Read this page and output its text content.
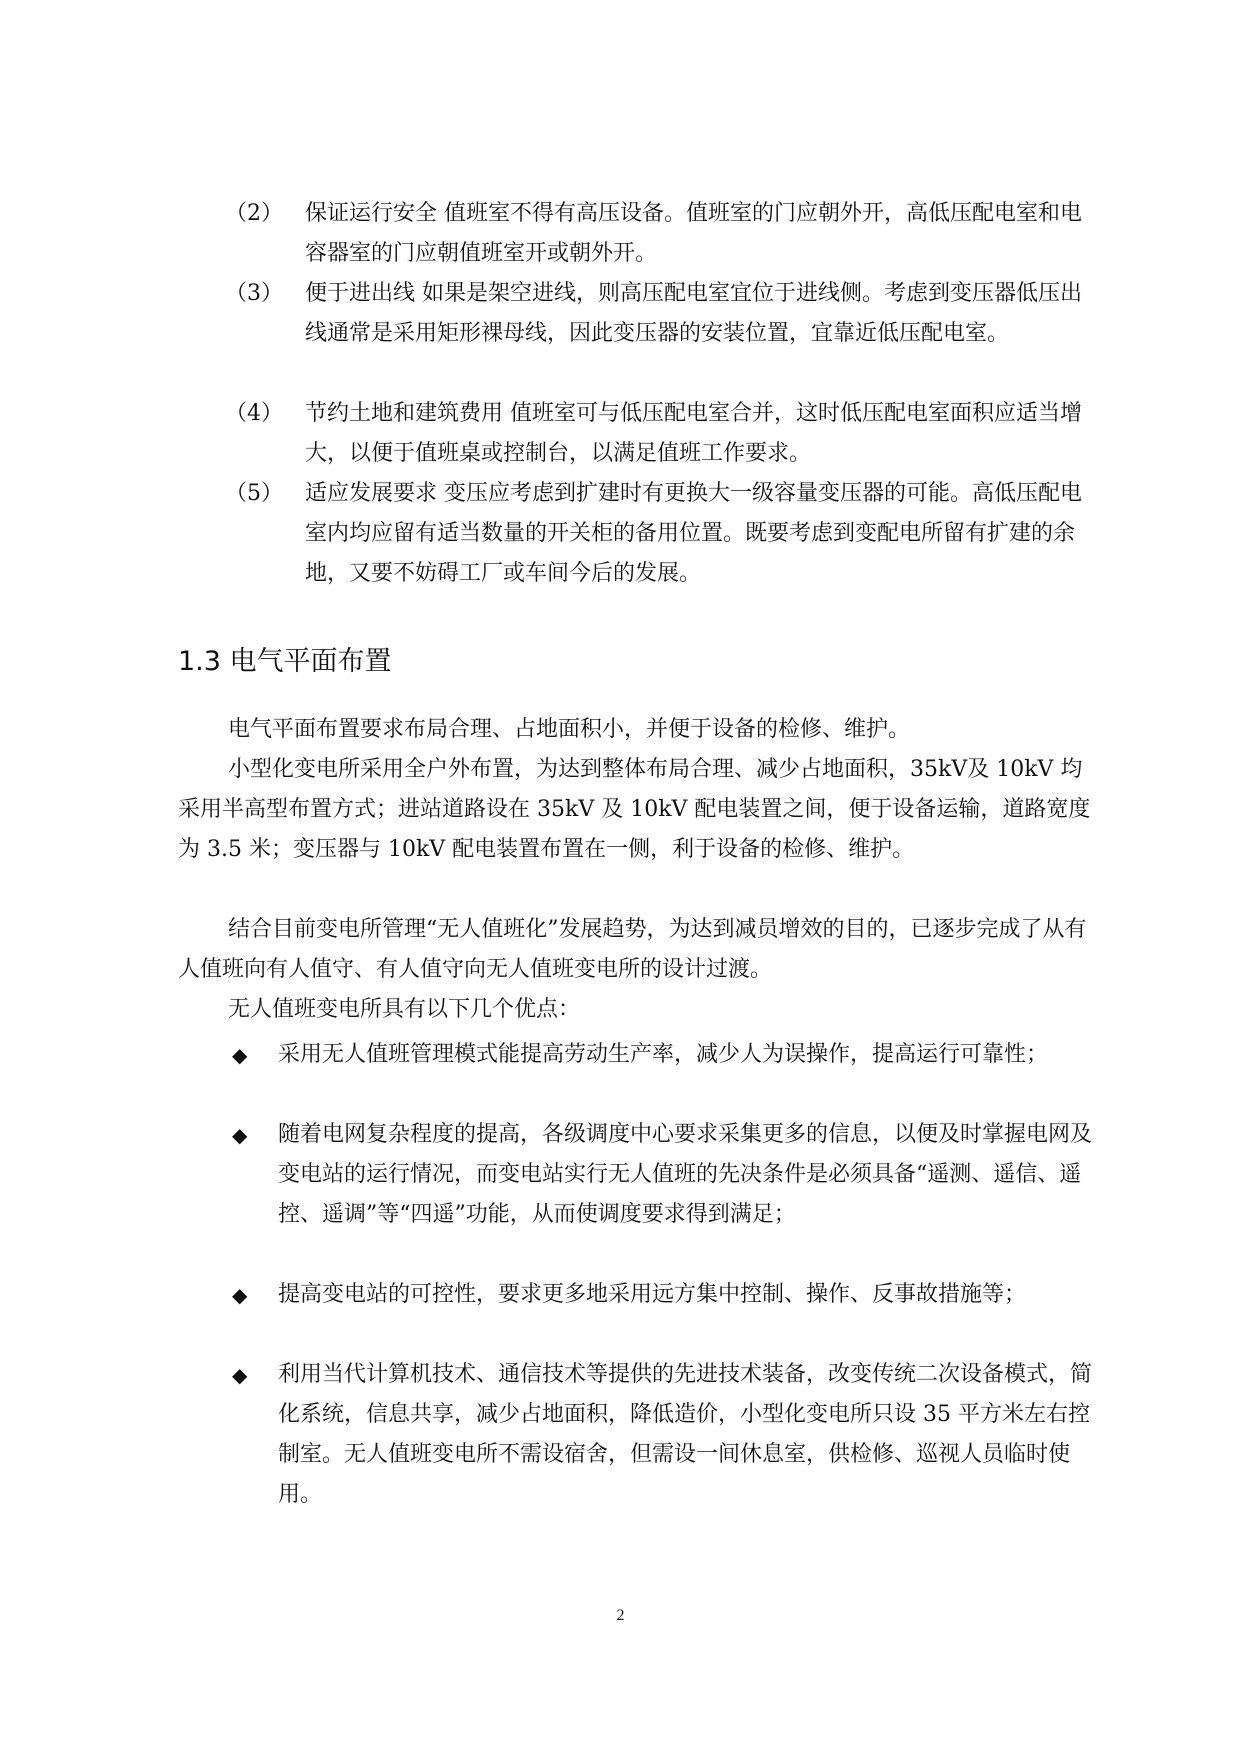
（2）	保证运行安全 值班室不得有高压设备。值班室的门应朝外开，高低压配电室和电容器室的门应朝值班室开或朝外开。
（3）	便于进出线 如果是架空进线，则高压配电室宜位于进线侧。考虑到变压器低压出线通常是采用矩形裸母线，因此变压器的安装位置，宜靠近低压配电室。
（4）	节约土地和建筑费用 值班室可与低压配电室合并，这时低压配电室面积应适当增大，以便于值班桌或控制台，以满足值班工作要求。
（5）	适应发展要求 变压应考虑到扩建时有更换大一级容量变压器的可能。高低压配电室内均应留有适当数量的开关柜的备用位置。既要考虑到变配电所留有扩建的余地，又要不妨碍工厂或车间今后的发展。
1.3 电气平面布置

电气平面布置要求布局合理、占地面积小，并便于设备的检修、维护。

小型化变电所采用全户外布置，为达到整体布局合理、减少占地面积，35kV及 10kV 均采用半高型布置方式；进站道路设在 35kV 及 10kV 配电装置之间，便于设备运输，道路宽度为 3.5 米；变压器与 10kV 配电装置布置在一侧，利于设备的检修、维护。

结合目前变电所管理“无人值班化”发展趋势，为达到减员增效的目的，已逐步完成了从有人值班向有人值守、有人值守向无人值班变电所的设计过渡。

无人值班变电所具有以下几个优点：

◆	采用无人值班管理模式能提高劳动生产率，减少人为误操作，提高运行可靠性；
◆	随着电网复杂程度的提高，各级调度中心要求采集更多的信息，以便及时掌握电网及变电站的运行情况，而变电站实行无人值班的先决条件是必须具备“遥测、遥信、遥控、遥调”等“四遥”功能，从而使调度要求得到满足；
◆	提高变电站的可控性，要求更多地采用远方集中控制、操作、反事故措施等；
◆	利用当代计算机技术、通信技术等提供的先进技术装备，改变传统二次设备模式，简化系统，信息共享，减少占地面积，降低造价，小型化变电所只设 35 平方米左右控制室。无人值班变电所不需设宿舍，但需设一间休息室，供检修、巡视人员临时使用。
2
